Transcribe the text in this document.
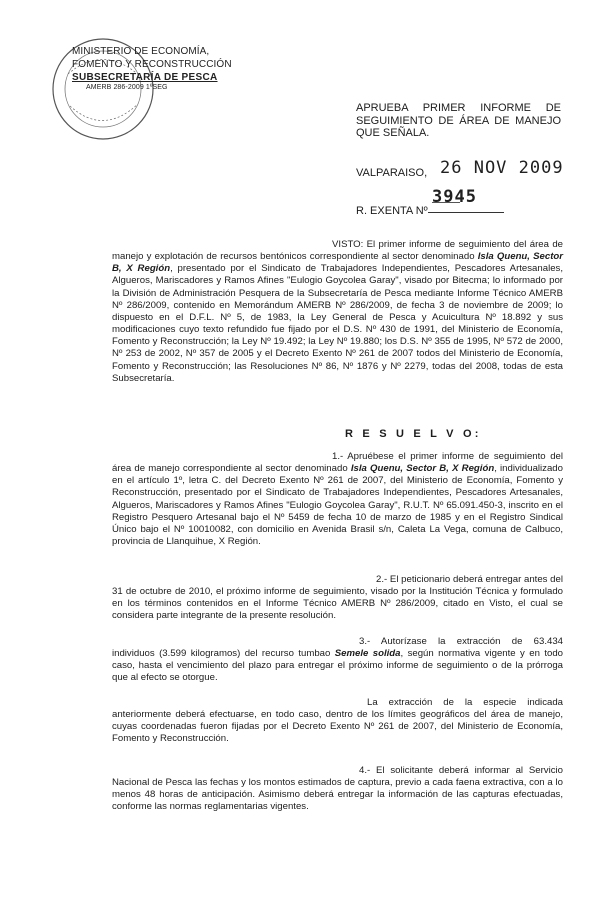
MINISTERIO DE ECONOMÍA,
FOMENTO Y RECONSTRUCCIÓN
SUBSECRETARÍA DE PESCA
AMERB 286-2009 1ºSEG
APRUEBA PRIMER INFORME DE
SEGUIMIENTO DE ÁREA DE MANEJO
QUE SEÑALA.
VALPARAISO, 26 NOV 2009
3945
R. EXENTA Nº
VISTO: El primer informe de seguimiento del área de manejo y explotación de recursos bentónicos correspondiente al sector denominado Isla Quenu, Sector B, X Región, presentado por el Sindicato de Trabajadores Independientes, Pescadores Artesanales, Algueros, Mariscadores y Ramos Afines "Eulogio Goycolea Garay", visado por Bitecma; lo informado por la División de Administración Pesquera de la Subsecretaría de Pesca mediante Informe Técnico AMERB Nº 286/2009, contenido en Memorándum AMERB Nº 286/2009, de fecha 3 de noviembre de 2009; lo dispuesto en el D.F.L. Nº 5, de 1983, la Ley General de Pesca y Acuicultura Nº 18.892 y sus modificaciones cuyo texto refundido fue fijado por el D.S. Nº 430 de 1991, del Ministerio de Economía, Fomento y Reconstrucción; la Ley Nº 19.492; la Ley Nº 19.880; los D.S. Nº 355 de 1995, Nº 572 de 2000, Nº 253 de 2002, Nº 357 de 2005 y el Decreto Exento Nº 261 de 2007 todos del Ministerio de Economía, Fomento y Reconstrucción; las Resoluciones Nº 86, Nº 1876 y Nº 2279, todas del 2008, todas de esta Subsecretaría.
R E S U E L V O:
1.- Apruébese el primer informe de seguimiento del área de manejo correspondiente al sector denominado Isla Quenu, Sector B, X Región, individualizado en el artículo 1º, letra C. del Decreto Exento Nº 261 de 2007, del Ministerio de Economía, Fomento y Reconstrucción, presentado por el Sindicato de Trabajadores Independientes, Pescadores Artesanales, Algueros, Mariscadores y Ramos Afines "Eulogio Goycolea Garay", R.U.T. Nº 65.091.450-3, inscrito en el Registro Pesquero Artesanal bajo el Nº 5459 de fecha 10 de marzo de 1985 y en el Registro Sindical Único bajo el Nº 10010082, con domicilio en Avenida Brasil s/n, Caleta La Vega, comuna de Calbuco, provincia de Llanquihue, X Región.
2.- El peticionario deberá entregar antes del 31 de octubre de 2010, el próximo informe de seguimiento, visado por la Institución Técnica y formulado en los términos contenidos en el Informe Técnico AMERB Nº 286/2009, citado en Visto, el cual se considera parte integrante de la presente resolución.
3.- Autorízase la extracción de 63.434 individuos (3.599 kilogramos) del recurso tumbao Semele solida, según normativa vigente y en todo caso, hasta el vencimiento del plazo para entregar el próximo informe de seguimiento o de la prórroga que al efecto se otorgue.
La extracción de la especie indicada anteriormente deberá efectuarse, en todo caso, dentro de los límites geográficos del área de manejo, cuyas coordenadas fueron fijadas por el Decreto Exento Nº 261 de 2007, del Ministerio de Economía, Fomento y Reconstrucción.
4.- El solicitante deberá informar al Servicio Nacional de Pesca las fechas y los montos estimados de captura, previo a cada faena extractiva, con a lo menos 48 horas de anticipación. Asimismo deberá entregar la información de las capturas efectuadas, conforme las normas reglamentarias vigentes.
